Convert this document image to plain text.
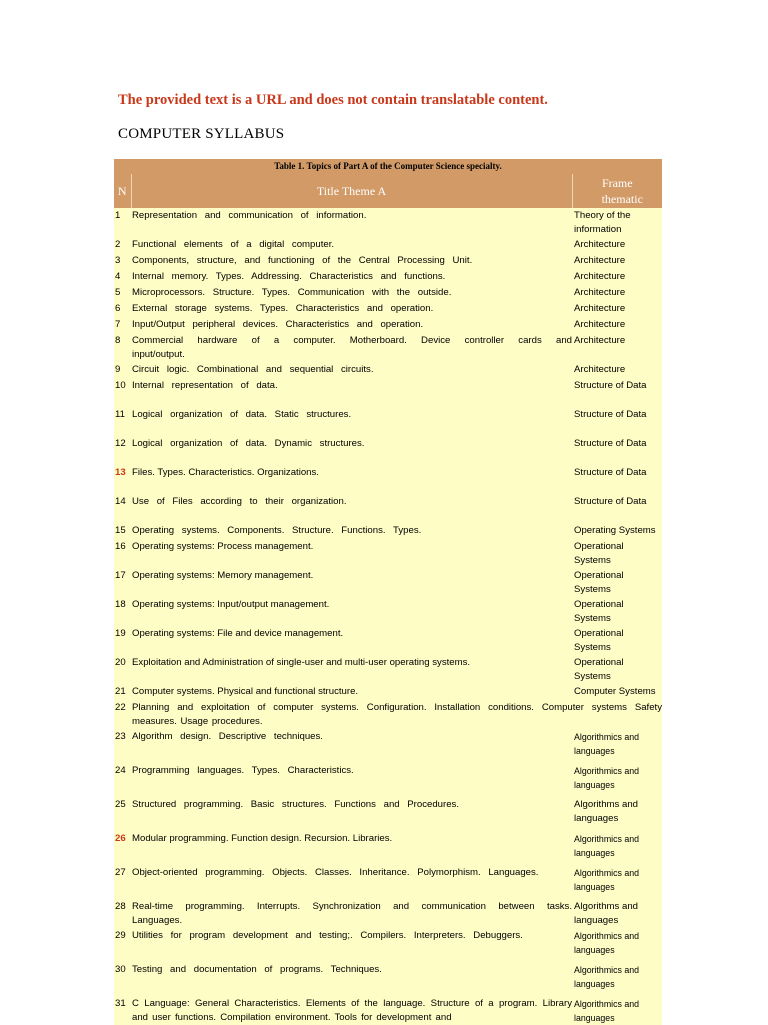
The provided text is a URL and does not contain translatable content.

COMPUTER SYLLABUS

Table 1. Topics of Part A of the Computer Science specialty.		
N	Title Theme A	Frame
thematic

1	Representation and communication of information.	Theory of the information
2	Functional elements of a digital computer.	Architecture
3	Components, structure, and functioning of the Central Processing Unit.	Architecture
4	Internal memory. Types. Addressing. Characteristics and functions.	Architecture
5	Microprocessors. Structure. Types. Communication with the outside.	Architecture
6	External storage systems. Types. Characteristics and operation.	Architecture
7	Input/Output peripheral devices. Characteristics and operation.	Architecture
8	Commercial hardware of a computer. Motherboard. Device controller cards and input/output.	Architecture
9	Circuit logic. Combinational and sequential circuits.	Architecture
10	Internal representation of data.	Structure of Data
11	Logical organization of data. Static structures.	Structure of Data
12	Logical organization of data. Dynamic structures.	Structure of Data
13	Files. Types. Characteristics. Organizations.	Structure of Data
14	Use of Files according to their organization.	Structure of Data
15	Operating systems. Components. Structure. Functions. Types.	Operating Systems
16	Operating systems: Process management.	Operational Systems
17	Operating systems: Memory management.	Operational Systems
18	Operating systems: Input/output management.	Operational Systems
19	Operating systems: File and device management.	Operational Systems
20	Exploitation and Administration of single-user and multi-user operating systems.	Operational Systems
21	Computer systems. Physical and functional structure.	Computer Systems
22	Planning and exploitation of computer systems. Configuration. Installation conditions. Computer systems Safety measures. Usage procedures.	
23	Algorithm design. Descriptive techniques.	Algorithmics and languages
24	Programming languages. Types. Characteristics.	Algorithmics and languages
25	Structured programming. Basic structures. Functions and Procedures.	Algorithms and languages
26	Modular programming. Function design. Recursion. Libraries.	Algorithmics and languages
27	Object-oriented programming. Objects. Classes. Inheritance. Polymorphism. Languages.	Algorithmics and languages
28	Real-time programming. Interrupts. Synchronization and communication between tasks. Languages.	Algorithms and languages
29	Utilities for program development and testing;. Compilers. Interpreters. Debuggers.	Algorithmics and languages
30	Testing and documentation of programs. Techniques.	Algorithmics and languages
31	C Language: General Characteristics. Elements of the language. Structure of a program. Library and user functions. Compilation environment. Tools for development and	Algorithmics and languages
